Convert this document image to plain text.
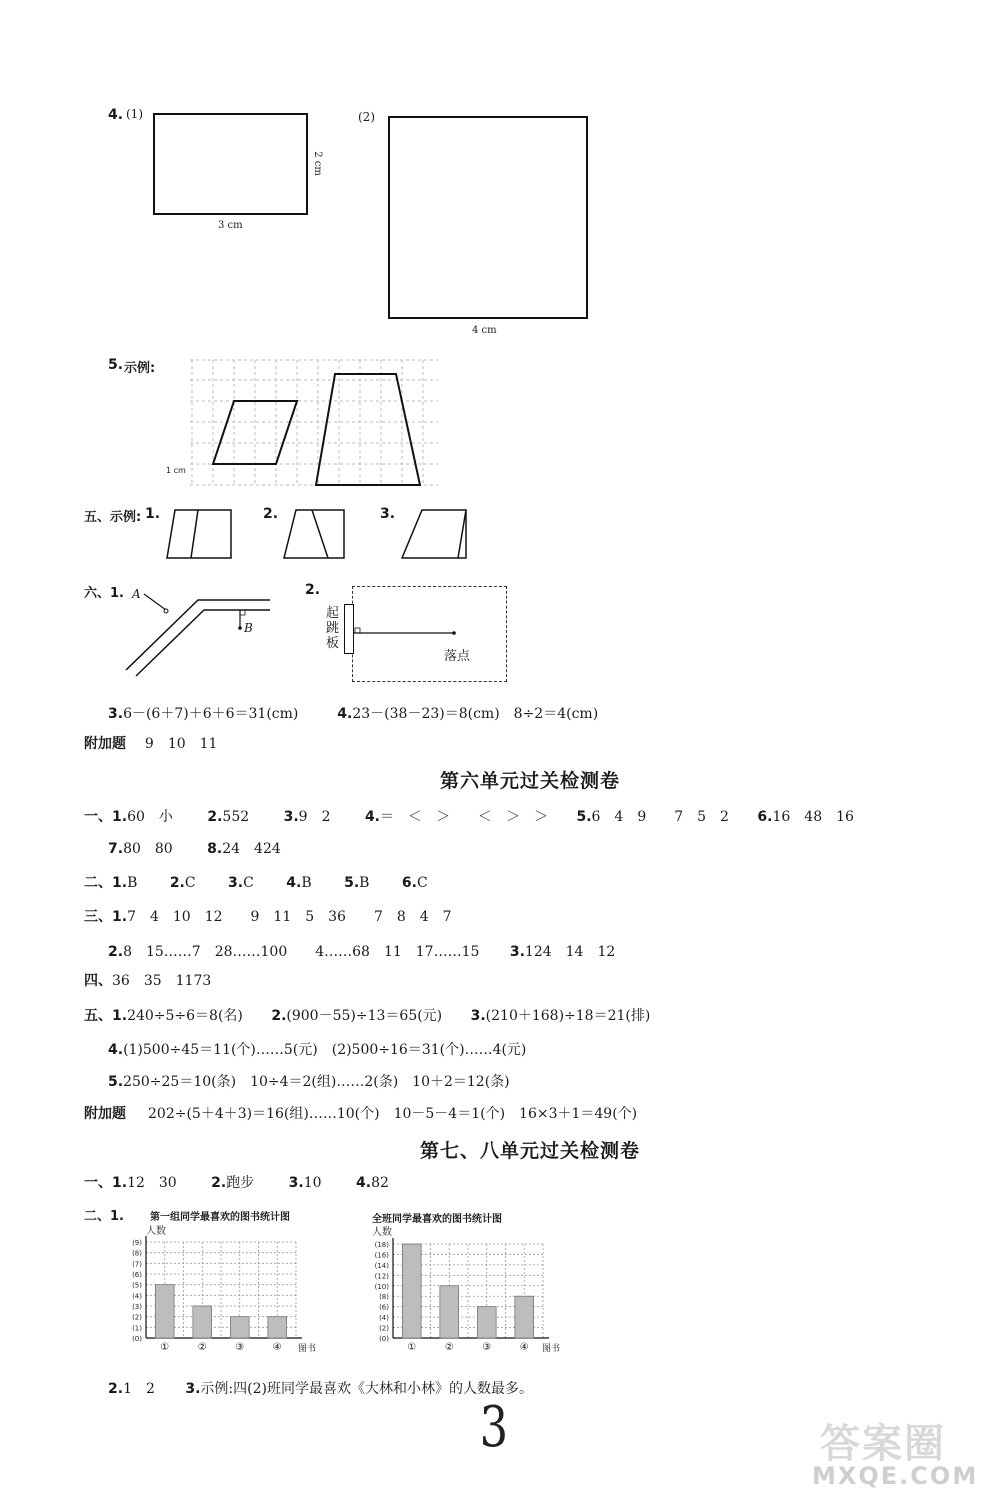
4. (1)
2 cm
3 cm
(2)
4 cm
5. 示例:
1 cm
五、示例: 1.	2.	3.
六、1. A
B
2.
起
跳
板
落点
3.6－(6＋7)＋6＋6＝31(cm)	4.23－(38－23)＝8(cm)　8÷2＝4(cm)
附加题 9　10　11
第六单元过关检测卷
一、1.60　小 2.552 3.9　2 4.＝　＜　＞　　＜　＞　＞ 5.6　4　9　　7　5　2 6.16　48　16
7.80　80 8.24　424
二、1.B 2.C 3.C 4.B 5.B 6.C
三、1.7　4　10　12　　9　11　5　36　　7　8　4　7
2.8　15……7　28……100　　4……68　11　17……15 3.124　14　12
四、36　35　1173
五、1.240÷5÷6＝8(名) 2.(900－55)÷13＝65(元) 3.(210＋168)÷18＝21(排)
4.(1)500÷45＝11(个)……5(元)　(2)500÷16＝31(个)……4(元)
5.250÷25＝10(条)　10÷4＝2(组)……2(条)　10＋2＝12(条)
附加题 202÷(5＋4＋3)＝16(组)……10(个)　10－5－4＝1(个)　16×3＋1＝49(个)
第七、八单元过关检测卷
一、1.12　30 2.跑步 3.10 4.82
二、1.	第一组同学最喜欢的图书统计图
人数
图书
(9)
(8)
(7)
(6)
(5)
(4)
(3)
(2)
(1)
(0)
①	②	③	④
全班同学最喜欢的图书统计图
人数
图书
(18)
(16)
(14)
(12)
(10)
(8)
(6)
(4)
(2)
(0)
①	②	③	④
2.1　2 3.示例:四(2)班同学最喜欢《大林和小林》的人数最多。
3	答案圈
MXQE.COM
